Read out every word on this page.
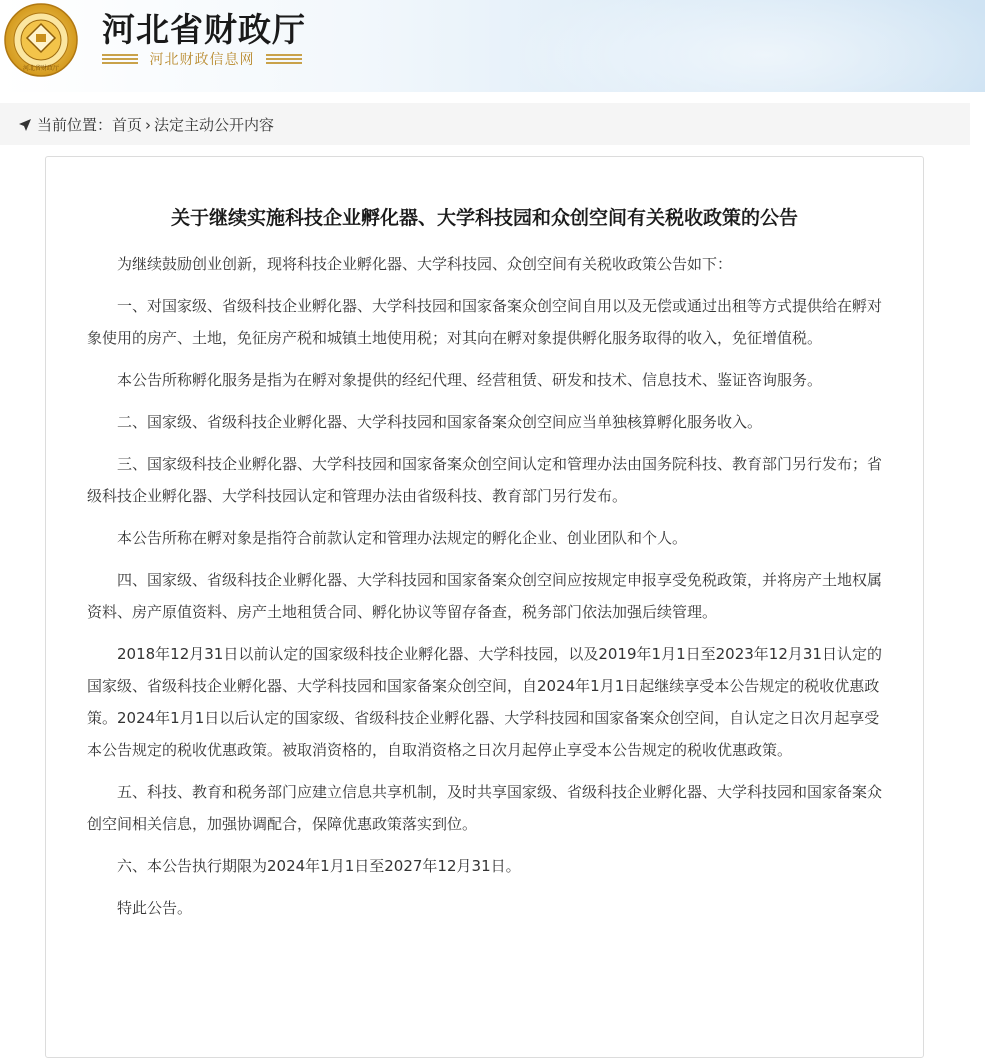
河北省财政厅
河北省财政厅
河北财政信息网
当前位置： 首页 › 法定主动公开内容
关于继续实施科技企业孵化器、大学科技园和众创空间有关税收政策的公告

为继续鼓励创业创新，现将科技企业孵化器、大学科技园、众创空间有关税收政策公告如下：

一、对国家级、省级科技企业孵化器、大学科技园和国家备案众创空间自用以及无偿或通过出租等方式提供给在孵对象使用的房产、土地，免征房产税和城镇土地使用税；对其向在孵对象提供孵化服务取得的收入，免征增值税。

本公告所称孵化服务是指为在孵对象提供的经纪代理、经营租赁、研发和技术、信息技术、鉴证咨询服务。

二、国家级、省级科技企业孵化器、大学科技园和国家备案众创空间应当单独核算孵化服务收入。

三、国家级科技企业孵化器、大学科技园和国家备案众创空间认定和管理办法由国务院科技、教育部门另行发布；省级科技企业孵化器、大学科技园认定和管理办法由省级科技、教育部门另行发布。

本公告所称在孵对象是指符合前款认定和管理办法规定的孵化企业、创业团队和个人。

四、国家级、省级科技企业孵化器、大学科技园和国家备案众创空间应按规定申报享受免税政策，并将房产土地权属资料、房产原值资料、房产土地租赁合同、孵化协议等留存备查，税务部门依法加强后续管理。

2018年12月31日以前认定的国家级科技企业孵化器、大学科技园，以及2019年1月1日至2023年12月31日认定的国家级、省级科技企业孵化器、大学科技园和国家备案众创空间，自2024年1月1日起继续享受本公告规定的税收优惠政策。2024年1月1日以后认定的国家级、省级科技企业孵化器、大学科技园和国家备案众创空间，自认定之日次月起享受本公告规定的税收优惠政策。被取消资格的，自取消资格之日次月起停止享受本公告规定的税收优惠政策。

五、科技、教育和税务部门应建立信息共享机制，及时共享国家级、省级科技企业孵化器、大学科技园和国家备案众创空间相关信息，加强协调配合，保障优惠政策落实到位。

六、本公告执行期限为2024年1月1日至2027年12月31日。

特此公告。
